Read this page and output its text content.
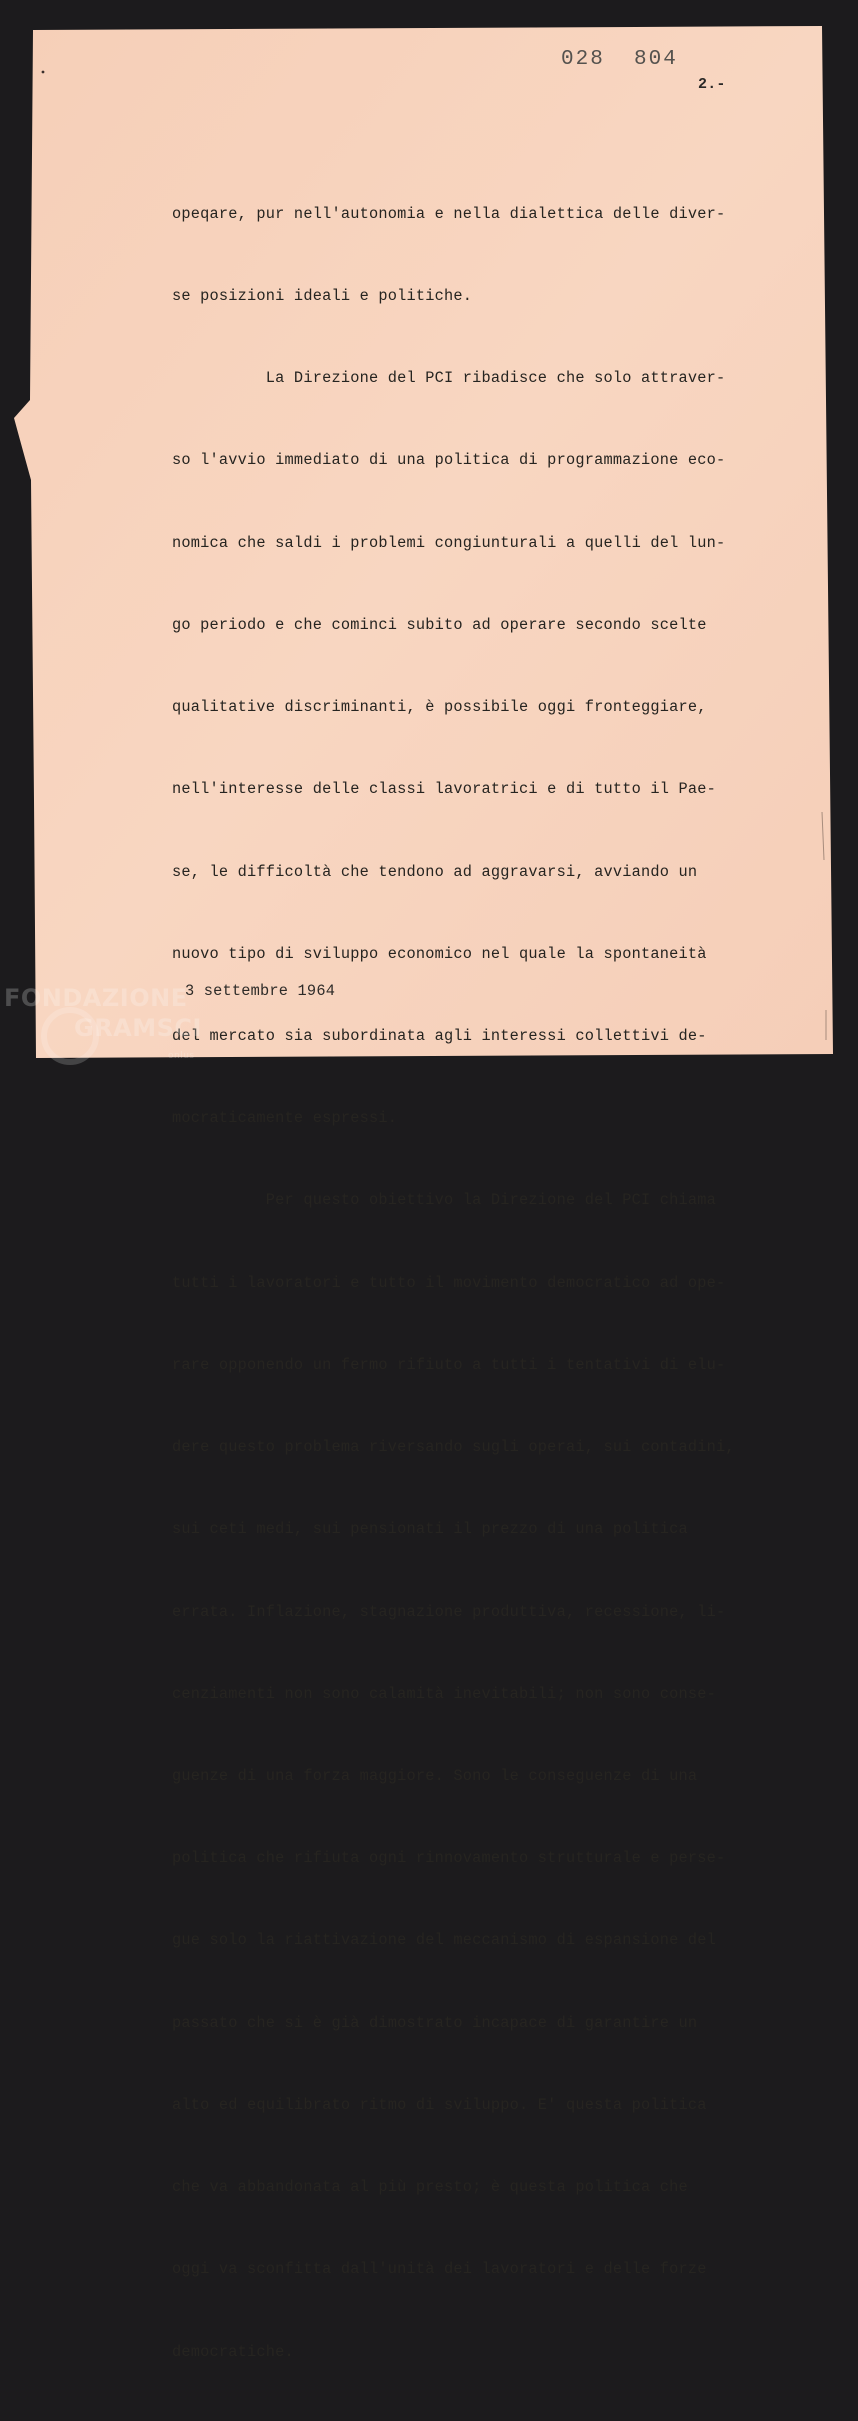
028  804
2.-

opeqare, pur nell'autonomia e nella dialettica delle diver-

se posizioni ideali e politiche.

La Direzione del PCI ribadisce che solo attraver-

so l'avvio immediato di una politica di programmazione eco-

nomica che saldi i problemi congiunturali a quelli del lun-

go periodo e che cominci subito ad operare secondo scelte

qualitative discriminanti, è possibile oggi fronteggiare,

nell'interesse delle classi lavoratrici e di tutto il Pae-

se, le difficoltà che tendono ad aggravarsi, avviando un

nuovo tipo di sviluppo economico nel quale la spontaneità

del mercato sia subordinata agli interessi collettivi de-

mocraticamente espressi.

Per questo obiettivo la Direzione del PCI chiama

tutti i lavoratori e tutto il movimento democratico ad ope-

rare opponendo un fermo rifiuto a tutti i tentativi di elu-

dere questo problema riversando sugli operai, sui contadini,

sui ceti medi, sui pensionati il prezzo di una politica

errata. Inflazione, stagnazione produttiva, recessione, li-

cenziamenti non sono calamità inevitabili; non sono conse-

guenze di una forza maggiore. Sono le conseguenze di una

politica che rifiuta ogni rinnovamento strutturale e perse-

gue solo la riattivazione del meccanismo di espansione del

passato che si è già dimostrato incapace di garantire un

alto ed equilibrato ritmo di sviluppo. E' questa politica

che va abbandonata al più presto; è questa politica che

oggi va sconfitta dall'unità dei lavoratori e delle forze

democratiche.

3 settembre 1964
FONDAZIONE
GRAMSCI
onlus
